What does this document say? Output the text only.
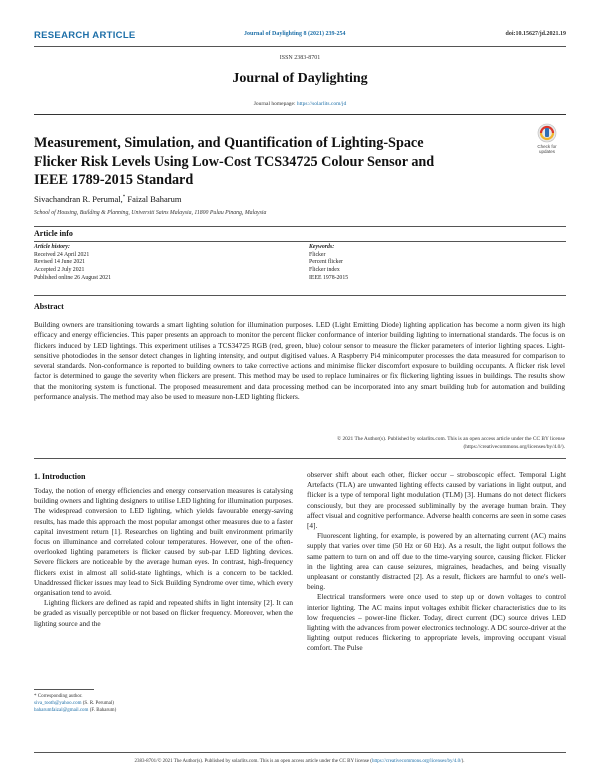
RESEARCH ARTICLE	Journal of Daylighting 8 (2021) 239-254	doi:10.15627/jd.2021.19
ISSN 2383-8701
Journal of Daylighting
Journal homepage: https://solarlits.com/jd
Measurement, Simulation, and Quantification of Lighting-Space
Flicker Risk Levels Using Low-Cost TCS34725 Colour Sensor and
IEEE 1789-2015 Standard
Check for
updates
Sivachandran R. Perumal,* Faizal Baharum
School of Housing, Building & Planning, Universiti Sains Malaysia, 11800 Pulau Pinang, Malaysia
Article info
Article history:
Received 24 April 2021
Revised 14 June 2021
Accepted 2 July 2021
Published online 26 August 2021
Keywords:
Flicker
Percent flicker
Flicker index
IEEE 1978-2015
Abstract
Building owners are transitioning towards a smart lighting solution for illumination purposes. LED (Light Emitting Diode) lighting application has become a norm given its high efficacy and energy efficiencies. This paper presents an approach to monitor the percent flicker conformance of interior building lighting to international standards. The focus is on flickers induced by LED lightings. This experiment utilises a TCS34725 RGB (red, green, blue) colour sensor to measure the flicker parameters of interior lighting spaces. Light-sensitive photodiodes in the sensor detect changes in lighting intensity, and output digitised values. A Raspberry Pi4 minicomputer processes the data measured for comparison to several standards. Non-conformance is reported to building owners to take corrective actions and minimise flicker discomfort exposure to building occupants. A flicker risk level factor is determined to gauge the severity when flickers are present. This method may be used to replace luminaires or fix flickering lighting issues in buildings. The results show that the monitoring system is functional. The proposed measurement and data processing method can be incorporated into any smart building hub for automation and building performance analysis. The method may also be used to measure non-LED lighting flickers.
© 2021 The Author(s). Published by solarlits.com. This is an open access article under the CC BY license
(https://creativecommons.org/licenses/by/4.0/).
1. Introduction

Today, the notion of energy efficiencies and energy conservation measures is catalysing building owners and lighting designers to utilise LED lighting for illumination purposes. The widespread conversion to LED lighting, which yields favourable energy-saving results, has made this approach the most popular amongst other measures due to a faster capital investment return [1]. Researches on lighting and built environment primarily focus on illuminance and correlated colour temperatures. However, one of the often-overlooked lighting parameters is flicker caused by sub-par LED lighting devices. Severe flickers are noticeable by the average human eyes. In contrast, high-frequency flickers exist in almost all solid-state lightings, which is a concern to be tackled. Unaddressed flicker issues may lead to Sick Building Syndrome over time, which every organisation tend to avoid.

Lighting flickers are defined as rapid and repeated shifts in light intensity [2]. It can be graded as visually perceptible or not based on flicker frequency. Moreover, when the lighting source and the

observer shift about each other, flicker occur – stroboscopic effect. Temporal Light Artefacts (TLA) are unwanted lighting effects caused by variations in light output, and flicker is a type of temporal light modulation (TLM) [3]. Humans do not detect flickers consciously, but they are processed subliminally by the average human brain. They affect visual and cognitive performance. Adverse health concerns are seen in some cases [4].

Fluorescent lighting, for example, is powered by an alternating current (AC) mains supply that varies over time (50 Hz or 60 Hz). As a result, the light output follows the same pattern to turn on and off due to the time-varying source, causing flicker. Flicker in the lighting area can cause seizures, migraines, headaches, and being visually unpleasant or constantly distracted [2]. As a result, flickers are harmful to one's well-being.

Electrical transformers were once used to step up or down voltages to control interior lighting. The AC mains input voltages exhibit flicker characteristics due to its low frequencies – power-line flicker. Today, direct current (DC) source drives LED lighting with the advances from power electronics technology. A DC source-driver at the lighting output reduces flickering to appropriate levels, improving occupant visual comfort. The Pulse

* Corresponding author.
siva_tooth@yahoo.com (S. R. Perumal)
baharumfaizal@gmail.com (F. Baharum)
2383-8701/© 2021 The Author(s). Published by solarlits.com. This is an open access article under the CC BY license (https://creativecommons.org/licenses/by/4.0/).
